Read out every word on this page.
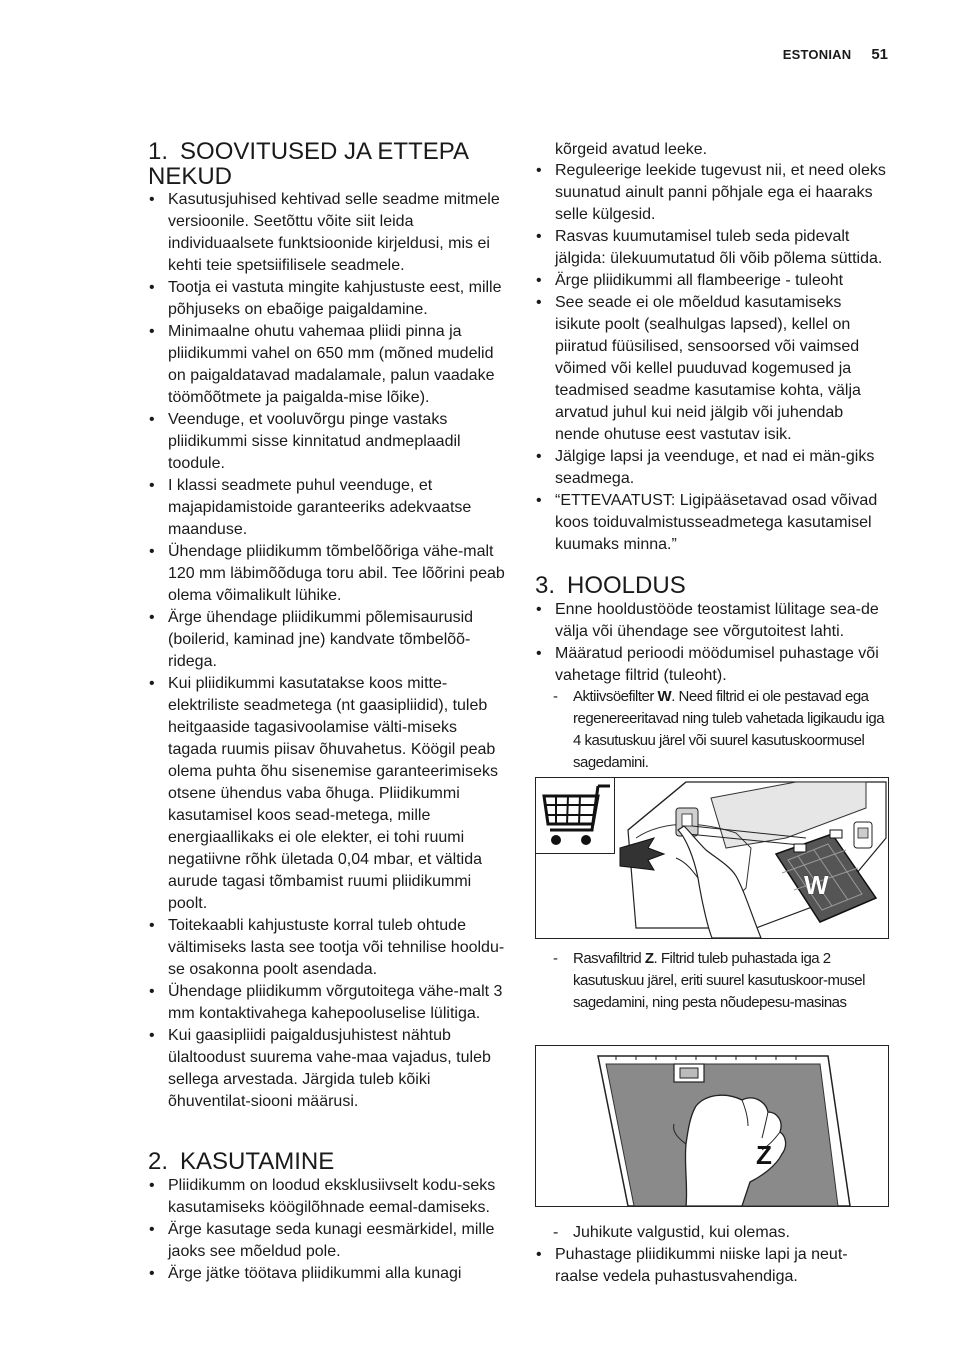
ESTONIAN 51
1. SOOVITUSED JA ETTEPA
NEKUD
• Kasutusjuhised kehtivad selle seadme mitmele versioonile. Seetõttu võite siit leida individuaalsete funktsioonide kirjeldusi, mis ei kehti teie spetsiifilisele seadmele.
• Tootja ei vastuta mingite kahjustuste eest, mille põhjuseks on ebaõige paigaldamine.
• Minimaalne ohutu vahemaa pliidi pinna ja pliidikummi vahel on 650 mm (mõned mudelid on paigaldatavad madalamale, palun vaadake töömõõtmete ja paigalda-mise lõike).
• Veenduge, et vooluvõrgu pinge vastaks pliidikummi sisse kinnitatud andmeplaadil toodule.
• I klassi seadmete puhul veenduge, et majapidamistoide garanteeriks adekvaatse maanduse.
• Ühendage pliidikumm tõmbelõõriga vähe-malt 120 mm läbimõõduga toru abil. Tee lõõrini peab olema võimalikult lühike.
• Ärge ühendage pliidikummi põlemisaurusid (boilerid, kaminad jne) kandvate tõmbelõõ-ridega.
• Kui pliidikummi kasutatakse koos mitte-elektriliste seadmetega (nt gaasipliidid), tuleb heitgaaside tagasivoolamise välti-miseks tagada ruumis piisav õhuvahetus. Köögil peab olema puhta õhu sisenemise garanteerimiseks otsene ühendus vaba õhuga. Pliidikummi kasutamisel koos sead-metega, mille energiaallikaks ei ole elekter, ei tohi ruumi negatiivne rõhk ületada 0,04 mbar, et vältida aurude tagasi tõmbamist ruumi pliidikummi poolt.
• Toitekaabli kahjustuste korral tuleb ohtude vältimiseks lasta see tootja või tehnilise hooldu-se osakonna poolt asendada.
• Ühendage pliidikumm võrgutoitega vähe-malt 3 mm kontaktivahega kahepooluselise lülitiga.
• Kui gaasipliidi paigaldusjuhistest nähtub ülaltoodust suurema vahe-maa vajadus, tuleb sellega arvestada. Järgida tuleb kõiki õhuventilat-siooni määrusi.
2. KASUTAMINE
• Pliidikumm on loodud eksklusiivselt kodu-seks kasutamiseks köögilõhnade eemal-damiseks.
• Ärge kasutage seda kunagi eesmärkidel, mille jaoks see mõeldud pole.
• Ärge jätke töötava pliidikummi alla kunagi
kõrgeid avatud leeke.
• Reguleerige leekide tugevust nii, et need oleks suunatud ainult panni põhjale ega ei haaraks selle külgesid.
• Rasvas kuumutamisel tuleb seda pidevalt jälgida: ülekuumutatud õli võib põlema süttida.
• Ärge pliidikummi all flambeerige - tuleoht
• See seade ei ole mõeldud kasutamiseks isikute poolt (sealhulgas lapsed), kellel on piiratud füüsilised, sensoorsed või vaimsed võimed või kellel puuduvad kogemused ja teadmised seadme kasutamise kohta, välja arvatud juhul kui neid jälgib või juhendab nende ohutuse eest vastutav isik.
• Jälgige lapsi ja veenduge, et nad ei män-giks seadmega.
• “ETTEVAATUST: Ligipääsetavad osad võivad koos toiduvalmistusseadmetega kasutamisel kuumaks minna.”
3. HOOLDUS
• Enne hooldustööde teostamist lülitage sea-de välja või ühendage see võrgutoitest lahti.
• Määratud perioodi möödumisel puhastage või vahetage filtrid (tuleoht).
- Aktiivsöefilter W. Need filtrid ei ole pestavad ega regenereeritavad ning tuleb vahetada ligikaudu iga 4 kasutuskuu järel või suurel kasutuskoormusel sagedamini.
- Rasvafiltrid Z. Filtrid tuleb puhastada iga 2 kasutuskuu järel, eriti suurel kasutuskoor-musel sagedamini, ning pesta nõudepesu-masinas
- Juhikute valgustid, kui olemas.
• Puhastage pliidikummi niiske lapi ja neut-raalse vedela puhastusvahendiga.
W
Z
